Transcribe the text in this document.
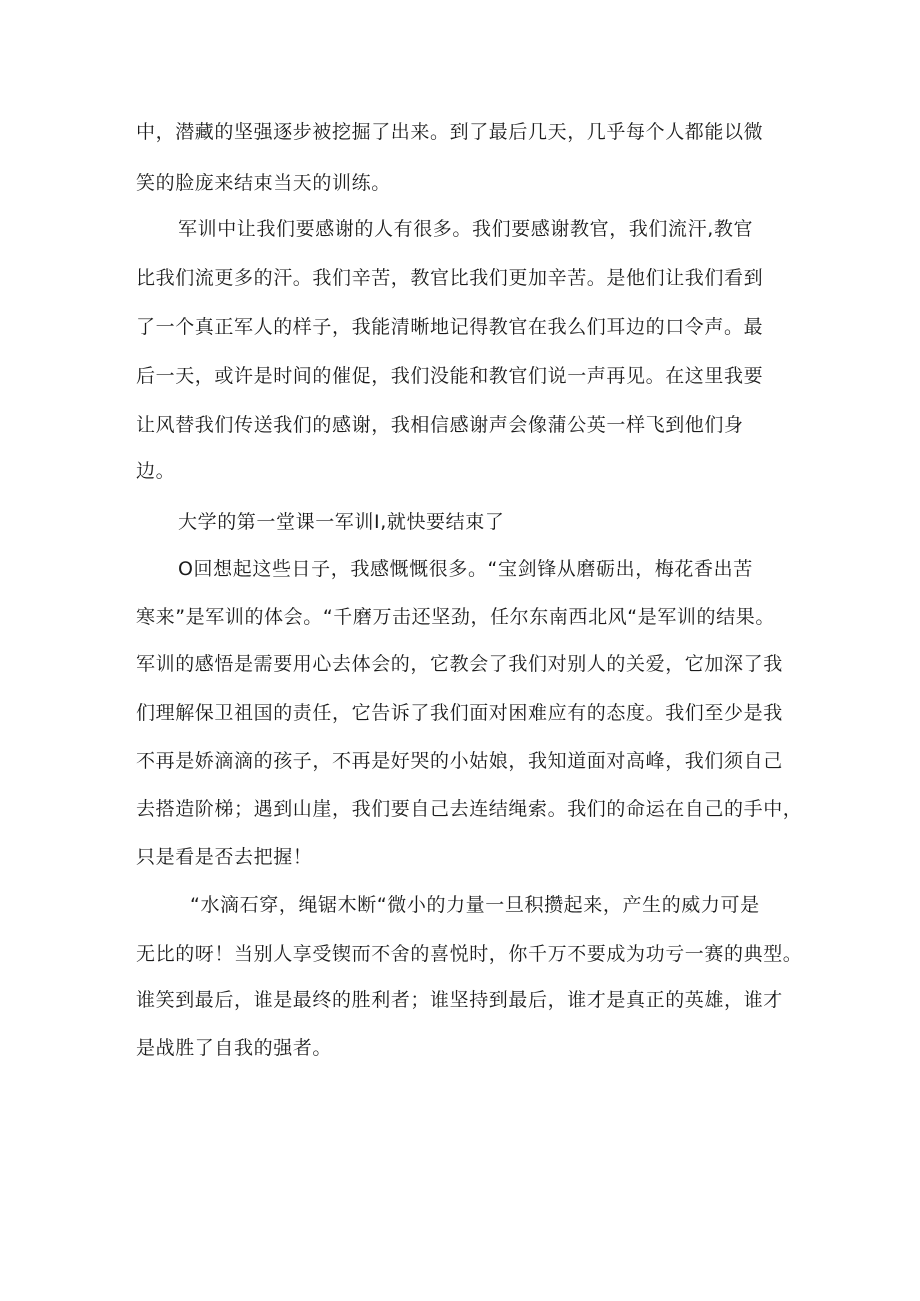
中，潜藏的坚强逐步被挖掘了出来。到了最后几天，几乎每个人都能以微
笑的脸庞来结束当天的训练。
军训中让我们要感谢的人有很多。我们要感谢教官，我们流汗,教官
比我们流更多的汗。我们辛苦，教官比我们更加辛苦。是他们让我们看到
了一个真正军人的样子，我能清晰地记得教官在我么们耳边的口令声。最
后一天，或许是时间的催促，我们没能和教官们说一声再见。在这里我要
让风替我们传送我们的感谢，我相信感谢声会像蒲公英一样飞到他们身
边。
大学的第一堂课一军训I,就快要结束了
O回想起这些日子，我感慨慨很多。“宝剑锋从磨砺出，梅花香出苦
寒来”是军训的体会。“千磨万击还坚劲，任尔东南西北风“是军训的结果。
军训的感悟是需要用心去体会的，它教会了我们对别人的关爱，它加深了我
们理解保卫祖国的责任，它告诉了我们面对困难应有的态度。我们至少是我
不再是娇滴滴的孩子，不再是好哭的小姑娘，我知道面对高峰，我们须自己
去搭造阶梯；遇到山崖，我们要自己去连结绳索。我们的命运在自己的手中，
只是看是否去把握！
“水滴石穿，绳锯木断“微小的力量一旦积攒起来，产生的威力可是
无比的呀！当别人享受锲而不舍的喜悦时，你千万不要成为功亏一赛的典型。
谁笑到最后，谁是最终的胜利者；谁坚持到最后，谁才是真正的英雄，谁才
是战胜了自我的强者。
